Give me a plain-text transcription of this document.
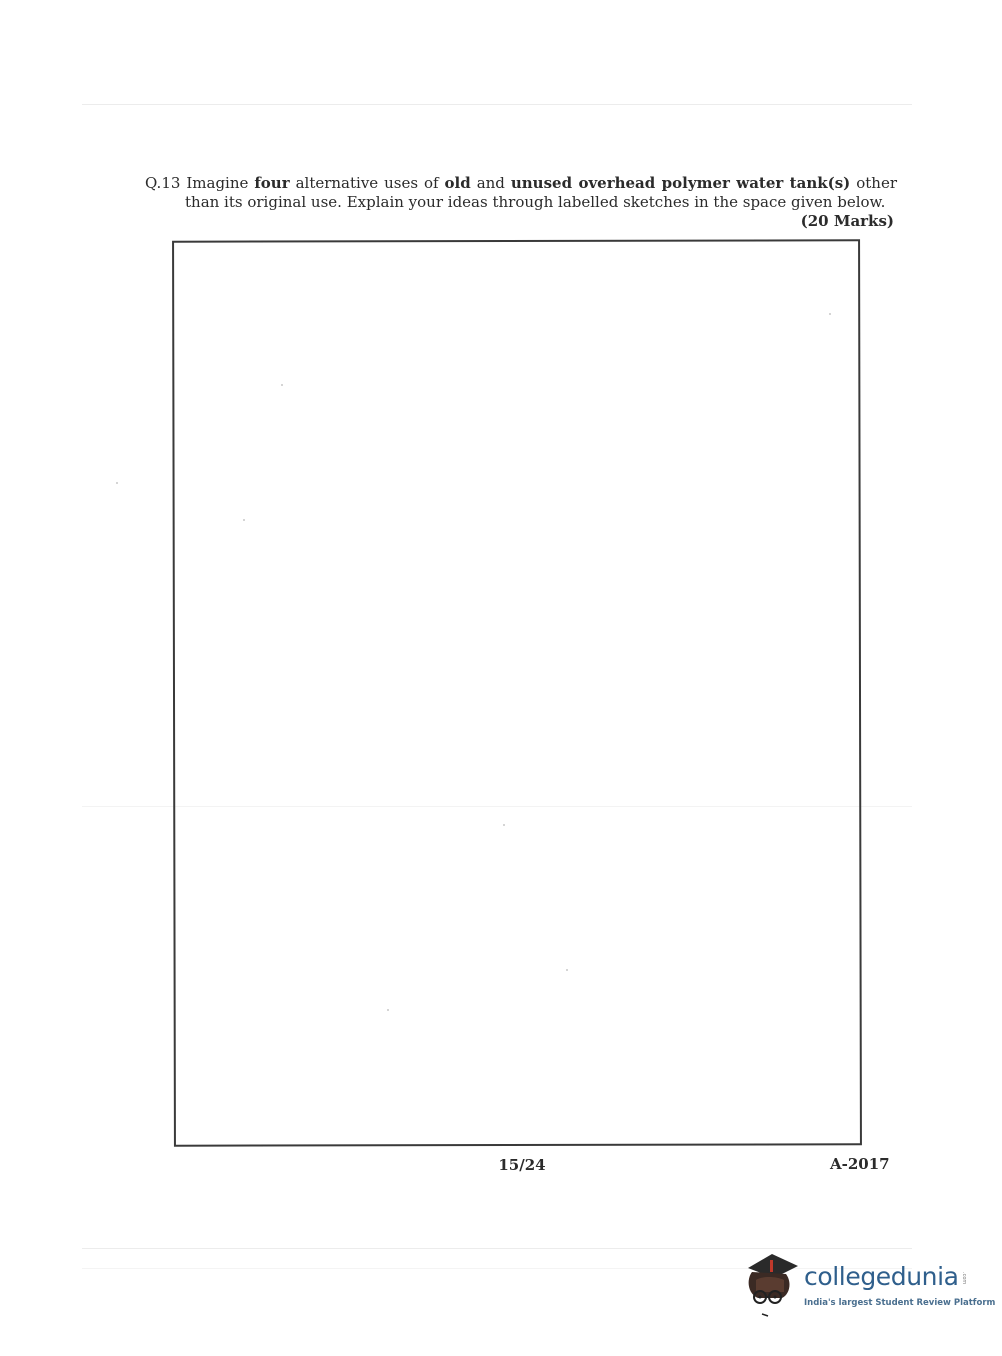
Q.13 Imagine four alternative uses of old and unused overhead polymer water tank(s) other
than its original use. Explain your ideas through labelled sketches in the space given below.
(20 Marks)
15/24	A-2017
collegedunia .com
India's largest Student Review Platform
